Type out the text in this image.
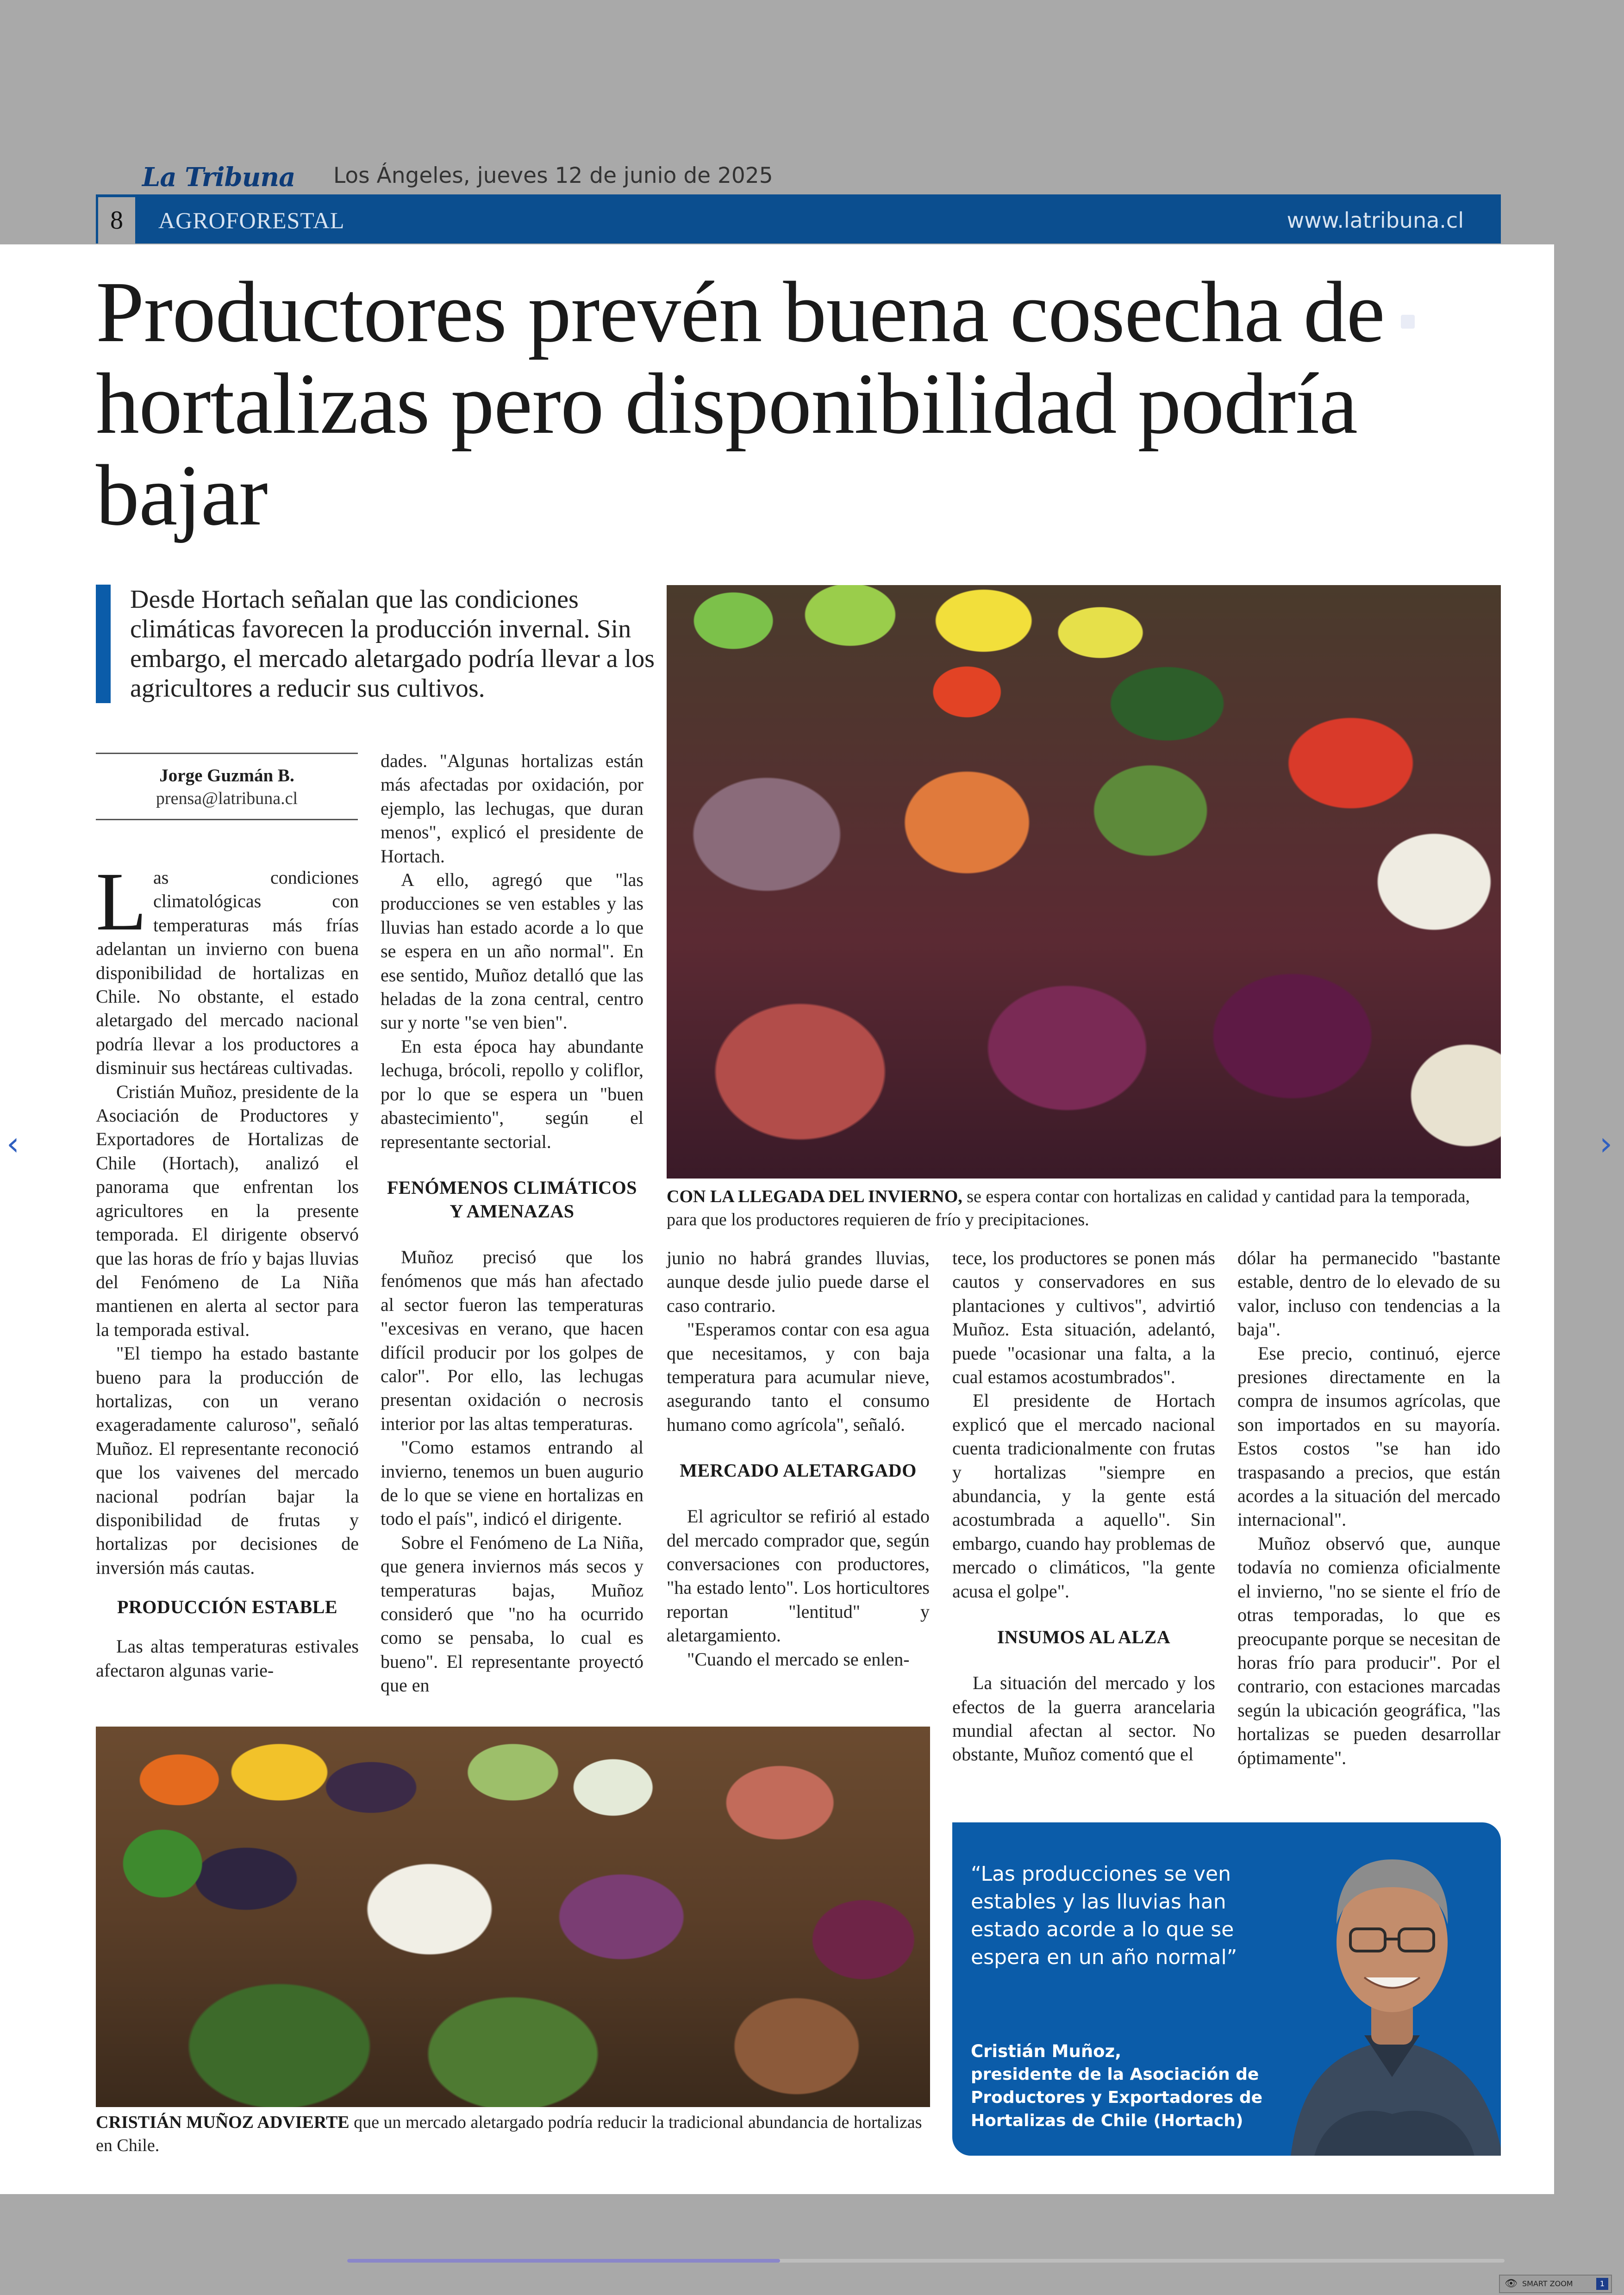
La Tribuna Los Ángeles, jueves 12 de junio de 2025
8	AGROFORESTAL	www.latribuna.cl
Productores prevén buena cosecha de hortalizas pero disponibilidad podría bajar
Desde Hortach señalan que las condiciones climáticas favorecen la producción invernal. Sin embargo, el mercado aletargado podría llevar a los agricultores a reducir sus cultivos.
Jorge Guzmán B.
prensa@latribuna.cl

Las condiciones climatológicas con temperaturas más frías adelantan un invierno con buena disponibilidad de hortalizas en Chile. No obstante, el estado aletargado del mercado nacional podría llevar a los productores a disminuir sus hectáreas cultivadas.

Cristián Muñoz, presidente de la Asociación de Productores y Exportadores de Hortalizas de Chile (Hortach), analizó el panorama que enfrentan los agricultores en la presente temporada. El dirigente observó que las horas de frío y bajas lluvias del Fenómeno de La Niña mantienen en alerta al sector para la temporada estival.

"El tiempo ha estado bastante bueno para la producción de hortalizas, con un verano exageradamente caluroso", señaló Muñoz. El representante reconoció que los vaivenes del mercado nacional podrían bajar la disponibilidad de frutas y hortalizas por decisiones de inversión más cautas.

PRODUCCIÓN ESTABLE

Las altas temperaturas estivales afectaron algunas varie-

dades. "Algunas hortalizas están más afectadas por oxidación, por ejemplo, las lechugas, que duran menos", explicó el presidente de Hortach.

A ello, agregó que "las producciones se ven estables y las lluvias han estado acorde a lo que se espera en un año normal". En ese sentido, Muñoz detalló que las heladas de la zona central, centro sur y norte "se ven bien".

En esta época hay abundante lechuga, brócoli, repollo y coliflor, por lo que se espera un "buen abastecimiento", según el representante sectorial.

FENÓMENOS CLIMÁTICOS Y AMENAZAS

Muñoz precisó que los fenómenos que más han afectado al sector fueron las temperaturas "excesivas en verano, que hacen difícil producir por los golpes de calor". Por ello, las lechugas presentan oxidación o necrosis interior por las altas temperaturas.

"Como estamos entrando al invierno, tenemos un buen augurio de lo que se viene en hortalizas en todo el país", indicó el dirigente.

Sobre el Fenómeno de La Niña, que genera inviernos más secos y temperaturas bajas, Muñoz consideró que "no ha ocurrido como se pensaba, lo cual es bueno". El representante proyectó que en

CON LA LLEGADA DEL INVIERNO, se espera contar con hortalizas en calidad y cantidad para la temporada, para que los productores requieren de frío y precipitaciones.

junio no habrá grandes lluvias, aunque desde julio puede darse el caso contrario.

"Esperamos contar con esa agua que necesitamos, y con baja temperatura para acumular nieve, asegurando tanto el consumo humano como agrícola", señaló.

MERCADO ALETARGADO

El agricultor se refirió al estado del mercado comprador que, según conversaciones con productores, "ha estado lento". Los horticultores reportan "lentitud" y aletargamiento.

"Cuando el mercado se enlen-

tece, los productores se ponen más cautos y conservadores en sus plantaciones y cultivos", advirtió Muñoz. Esta situación, adelantó, puede "ocasionar una falta, a la cual estamos acostumbrados".

El presidente de Hortach explicó que el mercado nacional cuenta tradicionalmente con frutas y hortalizas "siempre en abundancia, y la gente está acostumbrada a aquello". Sin embargo, cuando hay problemas de mercado o climáticos, "la gente acusa el golpe".

INSUMOS AL ALZA

La situación del mercado y los efectos de la guerra arancelaria mundial afectan al sector. No obstante, Muñoz comentó que el

dólar ha permanecido "bastante estable, dentro de lo elevado de su valor, incluso con tendencias a la baja".

Ese precio, continuó, ejerce presiones directamente en la compra de insumos agrícolas, que son importados en su mayoría. Estos costos "se han ido traspasando a precios, que están acordes a la situación del mercado internacional".

Muñoz observó que, aunque todavía no comienza oficialmente el invierno, "no se siente el frío de otras temporadas, lo que es preocupante porque se necesitan de horas frío para producir". Por el contrario, con estaciones marcadas según la ubicación geográfica, "las hortalizas se pueden desarrollar óptimamente".

CRISTIÁN MUÑOZ ADVIERTE que un mercado aletargado podría reducir la tradicional abundancia de hortalizas en Chile.
“Las producciones se ven estables y las lluvias han estado acorde a lo que se espera en un año normal”
Cristián Muñoz,
presidente de la Asociación de Productores y Exportadores de Hortalizas de Chile (Hortach)
‹	›
👁 SMART ZOOM	1
